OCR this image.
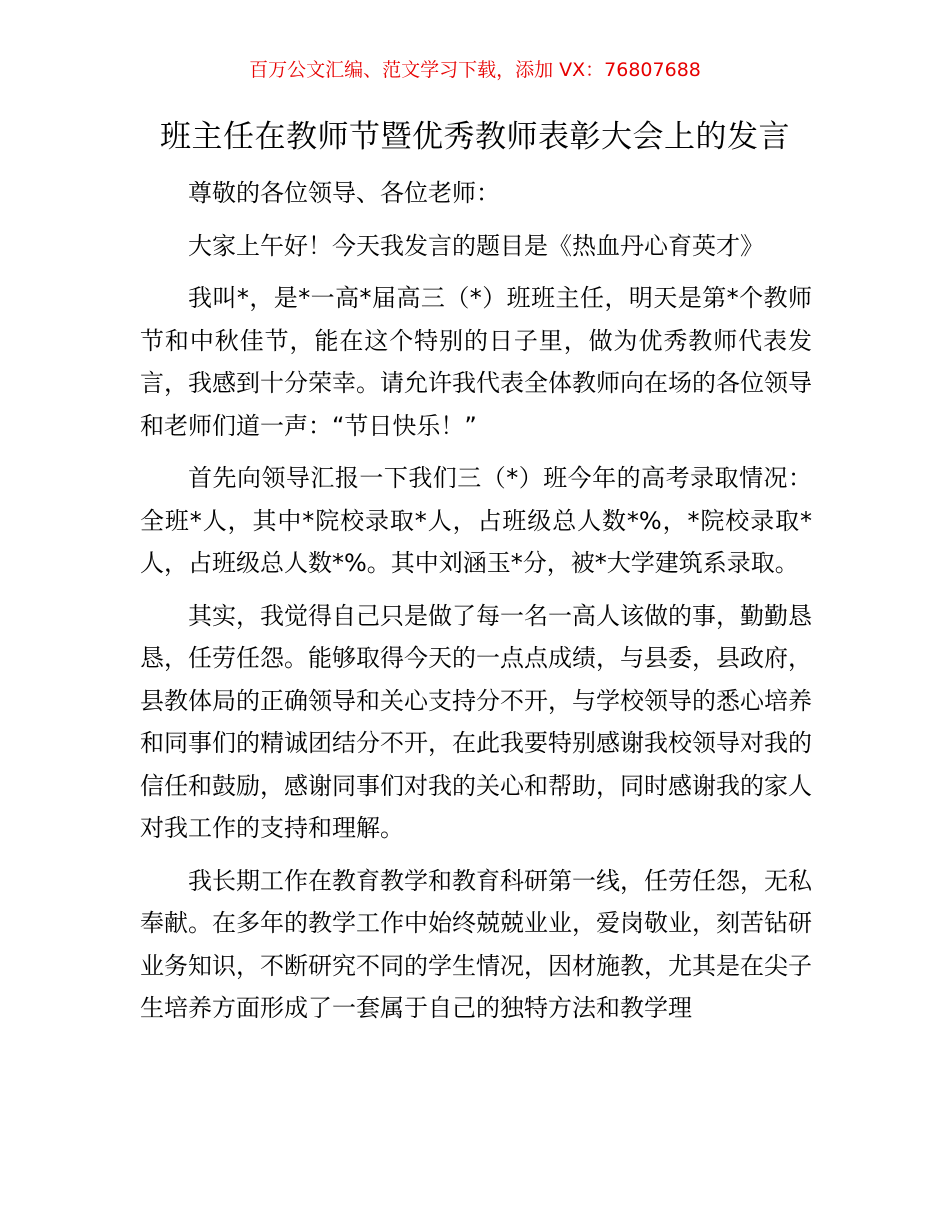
百万公文汇编、范文学习下载，添加 VX：76807688
班主任在教师节暨优秀教师表彰大会上的发言

尊敬的各位领导、各位老师：

大家上午好！今天我发言的题目是《热血丹心育英才》

我叫*，是*一高*届高三（*）班班主任，明天是第*个教师节和中秋佳节，能在这个特别的日子里，做为优秀教师代表发言，我感到十分荣幸。请允许我代表全体教师向在场的各位领导和老师们道一声：“节日快乐！”

首先向领导汇报一下我们三（*）班今年的高考录取情况：全班*人，其中*院校录取*人，占班级总人数*%，*院校录取*人，占班级总人数*%。其中刘涵玉*分，被*大学建筑系录取。

其实，我觉得自己只是做了每一名一高人该做的事，勤勤恳恳，任劳任怨。能够取得今天的一点点成绩，与县委，县政府，县教体局的正确领导和关心支持分不开，与学校领导的悉心培养和同事们的精诚团结分不开，在此我要特别感谢我校领导对我的信任和鼓励，感谢同事们对我的关心和帮助，同时感谢我的家人对我工作的支持和理解。

我长期工作在教育教学和教育科研第一线，任劳任怨，无私奉献。在多年的教学工作中始终兢兢业业，爱岗敬业，刻苦钻研业务知识，不断研究不同的学生情况，因材施教，尤其是在尖子生培养方面形成了一套属于自己的独特方法和教学理
